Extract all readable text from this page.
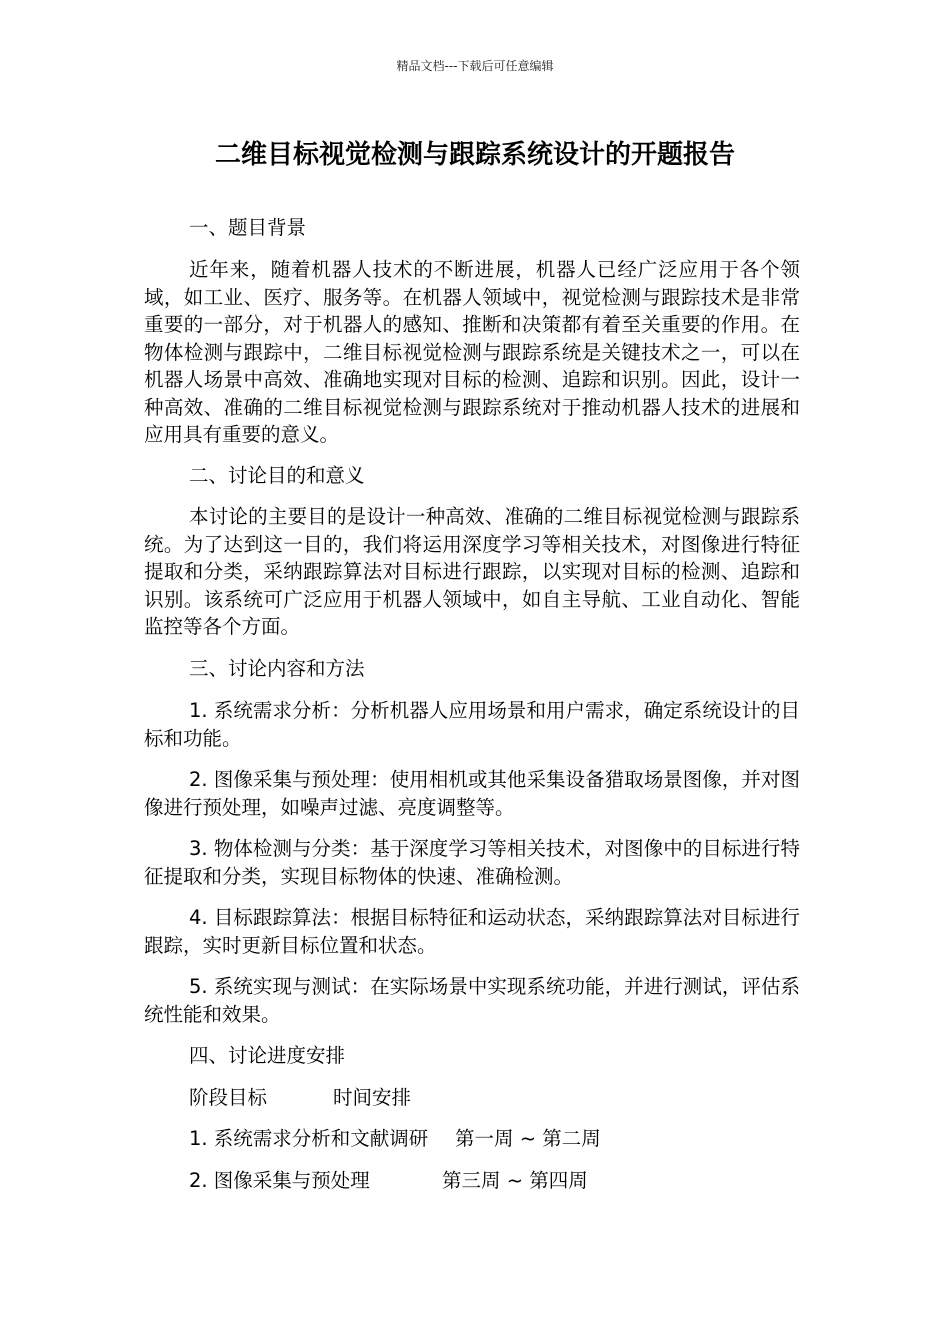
精品文档---下载后可任意编辑
二维目标视觉检测与跟踪系统设计的开题报告

一、题目背景

近年来，随着机器人技术的不断进展，机器人已经广泛应用于各个领域，如工业、医疗、服务等。在机器人领域中，视觉检测与跟踪技术是非常重要的一部分，对于机器人的感知、推断和决策都有着至关重要的作用。在物体检测与跟踪中，二维目标视觉检测与跟踪系统是关键技术之一，可以在机器人场景中高效、准确地实现对目标的检测、追踪和识别。因此，设计一种高效、准确的二维目标视觉检测与跟踪系统对于推动机器人技术的进展和应用具有重要的意义。

二、讨论目的和意义

本讨论的主要目的是设计一种高效、准确的二维目标视觉检测与跟踪系统。为了达到这一目的，我们将运用深度学习等相关技术，对图像进行特征提取和分类，采纳跟踪算法对目标进行跟踪，以实现对目标的检测、追踪和识别。该系统可广泛应用于机器人领域中，如自主导航、工业自动化、智能监控等各个方面。

三、讨论内容和方法

1. 系统需求分析：分析机器人应用场景和用户需求，确定系统设计的目标和功能。

2. 图像采集与预处理：使用相机或其他采集设备猎取场景图像，并对图像进行预处理，如噪声过滤、亮度调整等。

3. 物体检测与分类：基于深度学习等相关技术，对图像中的目标进行特征提取和分类，实现目标物体的快速、准确检测。

4. 目标跟踪算法：根据目标特征和运动状态，采纳跟踪算法对目标进行跟踪，实时更新目标位置和状态。

5. 系统实现与测试：在实际场景中实现系统功能，并进行测试，评估系统性能和效果。

四、讨论进度安排

阶段目标	时间安排
1. 系统需求分析和文献调研 第一周 ~ 第二周
2. 图像采集与预处理	第三周 ~ 第四周
